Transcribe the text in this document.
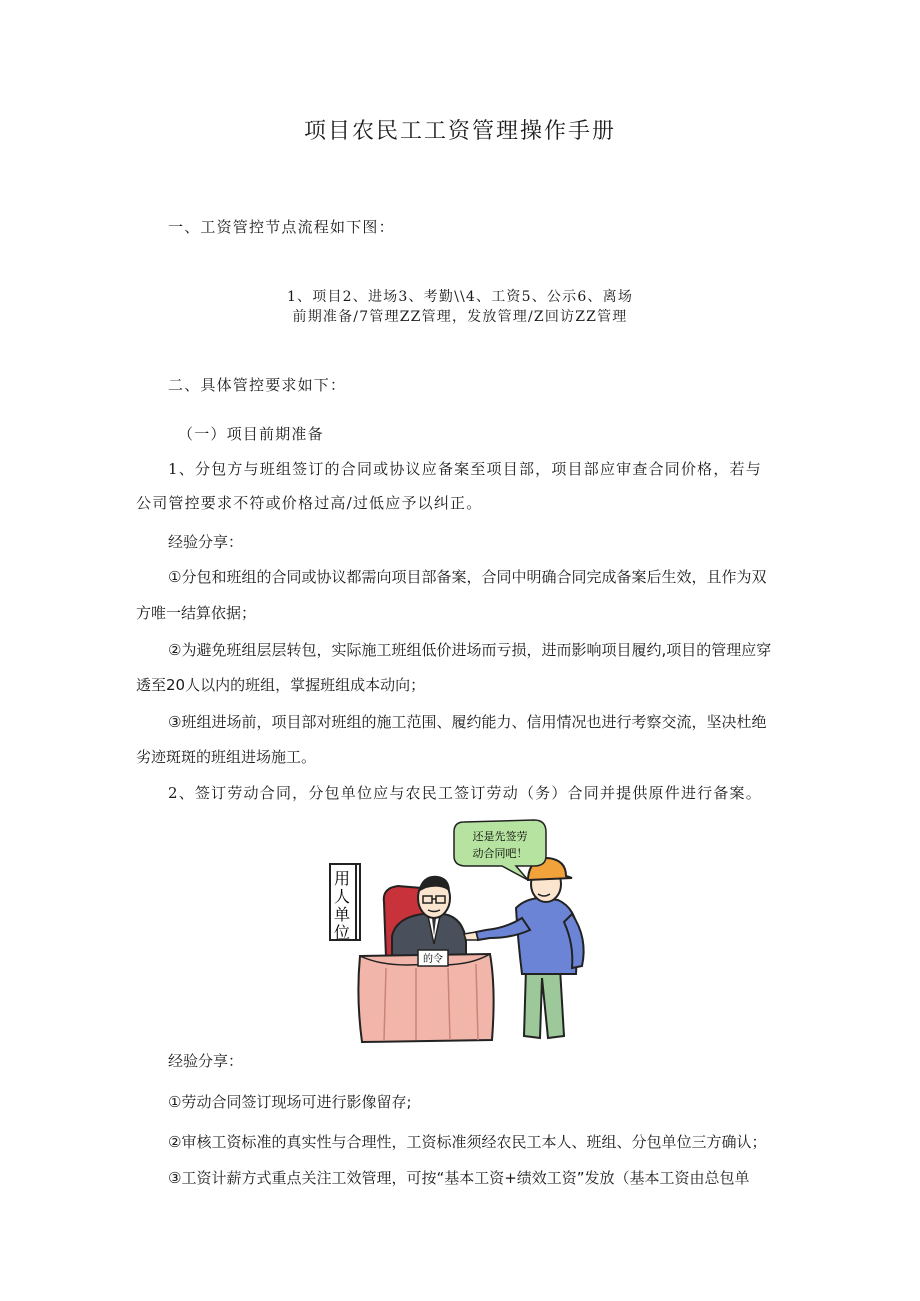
项目农民工工资管理操作手册
一、工资管控节点流程如下图：
1、项目2、进场3、考勤\\4、工资5、公示6、离场
前期准备/7管理ZZ管理，发放管理/Z回访ZZ管理
二、具体管控要求如下：
（一）项目前期准备
1、分包方与班组签订的合同或协议应备案至项目部，项目部应审查合同价格，若与
公司管控要求不符或价格过高/过低应予以纠正。
经验分享：
①分包和班组的合同或协议都需向项目部备案，合同中明确合同完成备案后生效，且作为双
方唯一结算依据；
②为避免班组层层转包，实际施工班组低价进场而亏损，进而影响项目履约,项目的管理应穿
透至20人以内的班组，掌握班组成本动向；
③班组进场前，项目部对班组的施工范围、履约能力、信用情况也进行考察交流，坚决杜绝
劣迹斑斑的班组进场施工。
2、签订劳动合同，分包单位应与农民工签订劳动（务）合同并提供原件进行备案。
用
人
单
位
的令
还是先签劳
动合同吧！
经验分享：
①劳动合同签订现场可进行影像留存;
②审核工资标准的真实性与合理性，工资标准须经农民工本人、班组、分包单位三方确认；
③工资计薪方式重点关注工效管理，可按“基本工资+绩效工资”发放（基本工资由总包单
